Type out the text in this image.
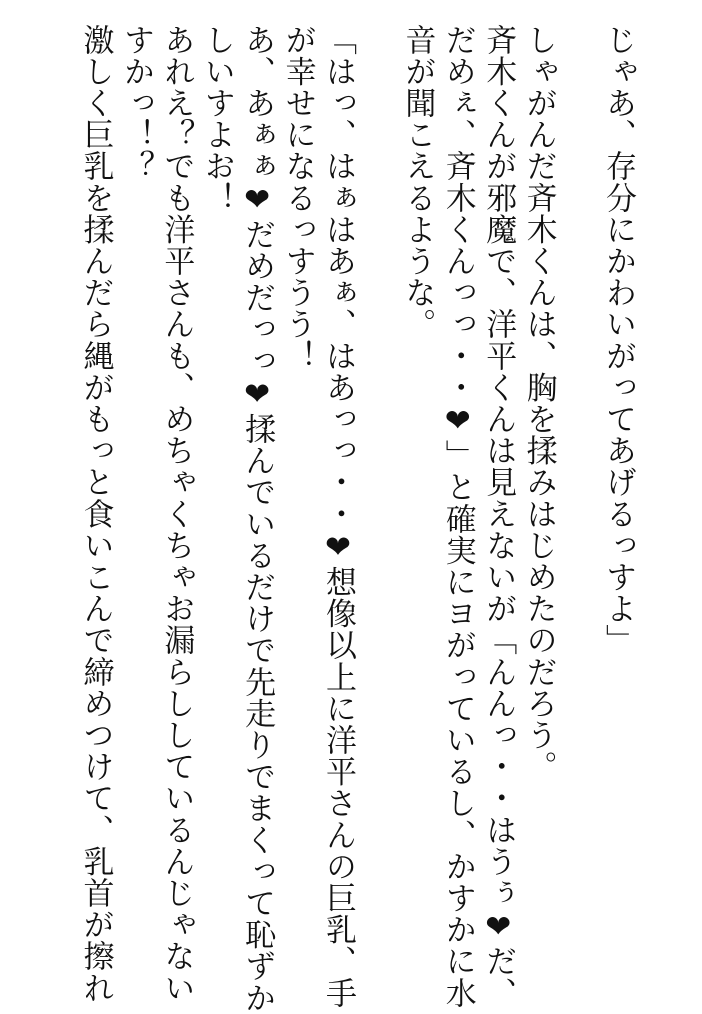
じゃあ、存分にかわいがってあげるっすよ」
しゃがんだ斉木くんは、胸を揉みはじめたのだろう。
斉木くんが邪魔で、洋平くんは見えないが「んんっ・・はうぅ❤だ、
だめぇ、斉木くんっっ・・❤」と確実にヨがっているし、かすかに水
音が聞こえるような。
「はっ、はぁはあぁ、はあっっ・・❤想像以上に洋平さんの巨乳、手
が幸せになるっすうう！
あ、あぁぁ❤だめだっっ❤揉んでいるだけで先走りでまくって恥ずか
しいすよお！
あれえ？でも洋平さんも、めちゃくちゃお漏らししているんじゃない
すかっ！？
激しく巨乳を揉んだら縄がもっと食いこんで締めつけて、乳首が擦れ
